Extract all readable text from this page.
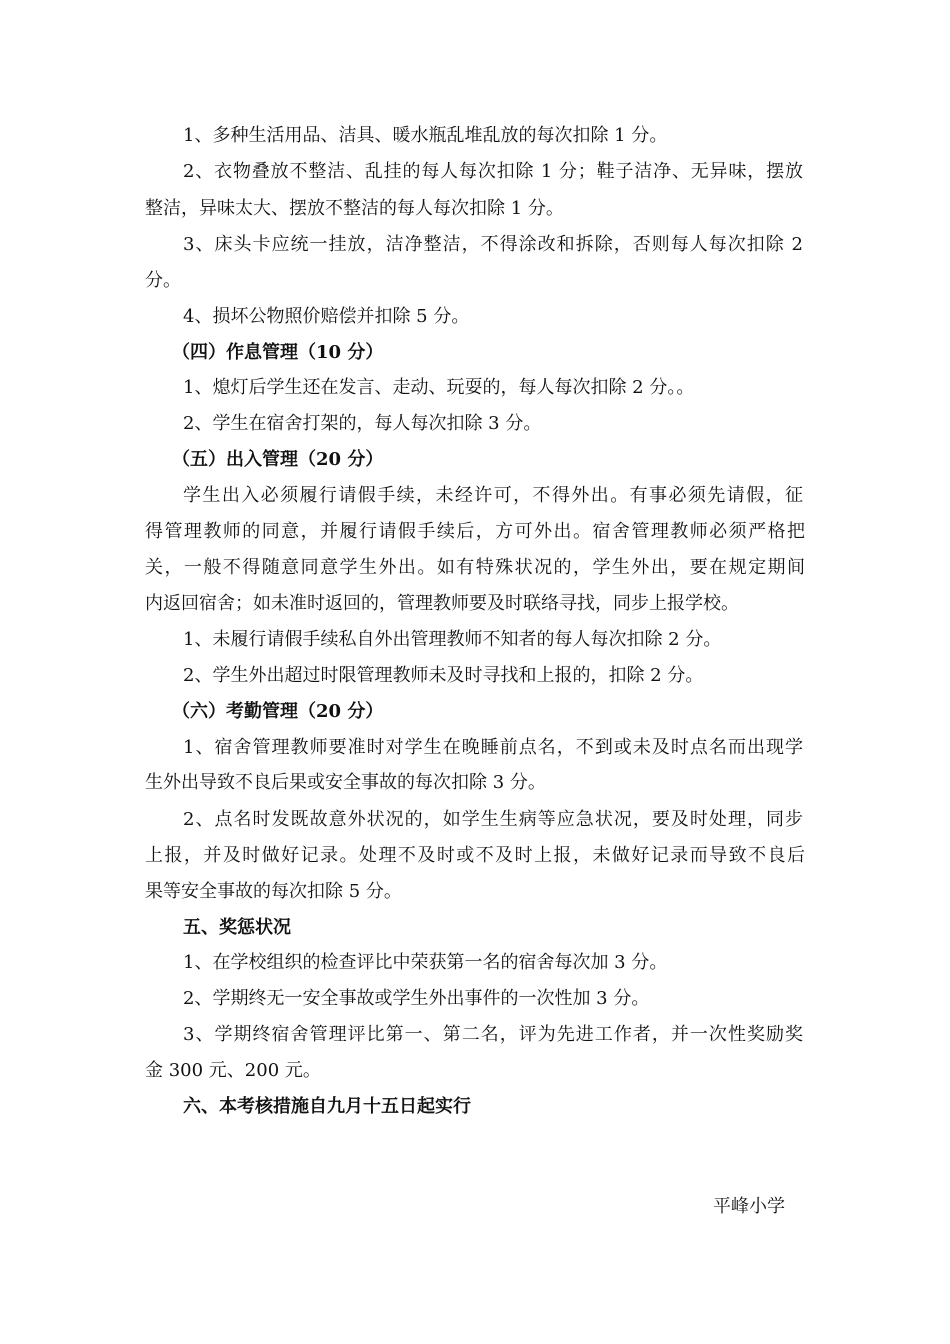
1、多种生活用品、洁具、暖水瓶乱堆乱放的每次扣除 1 分。
2、衣物叠放不整洁、乱挂的每人每次扣除 1 分；鞋子洁净、无异味，摆放
整洁，异味太大、摆放不整洁的每人每次扣除 1 分。
3、床头卡应统一挂放，洁净整洁，不得涂改和拆除，否则每人每次扣除 2
分。
4、损坏公物照价赔偿并扣除 5 分。
（四）作息管理（10 分）
1、熄灯后学生还在发言、走动、玩耍的，每人每次扣除 2 分。。
2、学生在宿舍打架的，每人每次扣除 3 分。
（五）出入管理（20 分）
学生出入必须履行请假手续，未经许可，不得外出。有事必须先请假，征
得管理教师的同意，并履行请假手续后，方可外出。宿舍管理教师必须严格把
关，一般不得随意同意学生外出。如有特殊状况的，学生外出，要在规定期间
内返回宿舍；如未准时返回的，管理教师要及时联络寻找，同步上报学校。
1、未履行请假手续私自外出管理教师不知者的每人每次扣除 2 分。
2、学生外出超过时限管理教师未及时寻找和上报的，扣除 2 分。
（六）考勤管理（20 分）
1、宿舍管理教师要准时对学生在晚睡前点名，不到或未及时点名而出现学
生外出导致不良后果或安全事故的每次扣除 3 分。
2、点名时发既故意外状况的，如学生生病等应急状况，要及时处理，同步
上报，并及时做好记录。处理不及时或不及时上报，未做好记录而导致不良后
果等安全事故的每次扣除 5 分。
五、奖惩状况
1、在学校组织的检查评比中荣获第一名的宿舍每次加 3 分。
2、学期终无一安全事故或学生外出事件的一次性加 3 分。
3、学期终宿舍管理评比第一、第二名，评为先进工作者，并一次性奖励奖
金 300 元、200 元。
六、本考核措施自九月十五日起实行
平峰小学
